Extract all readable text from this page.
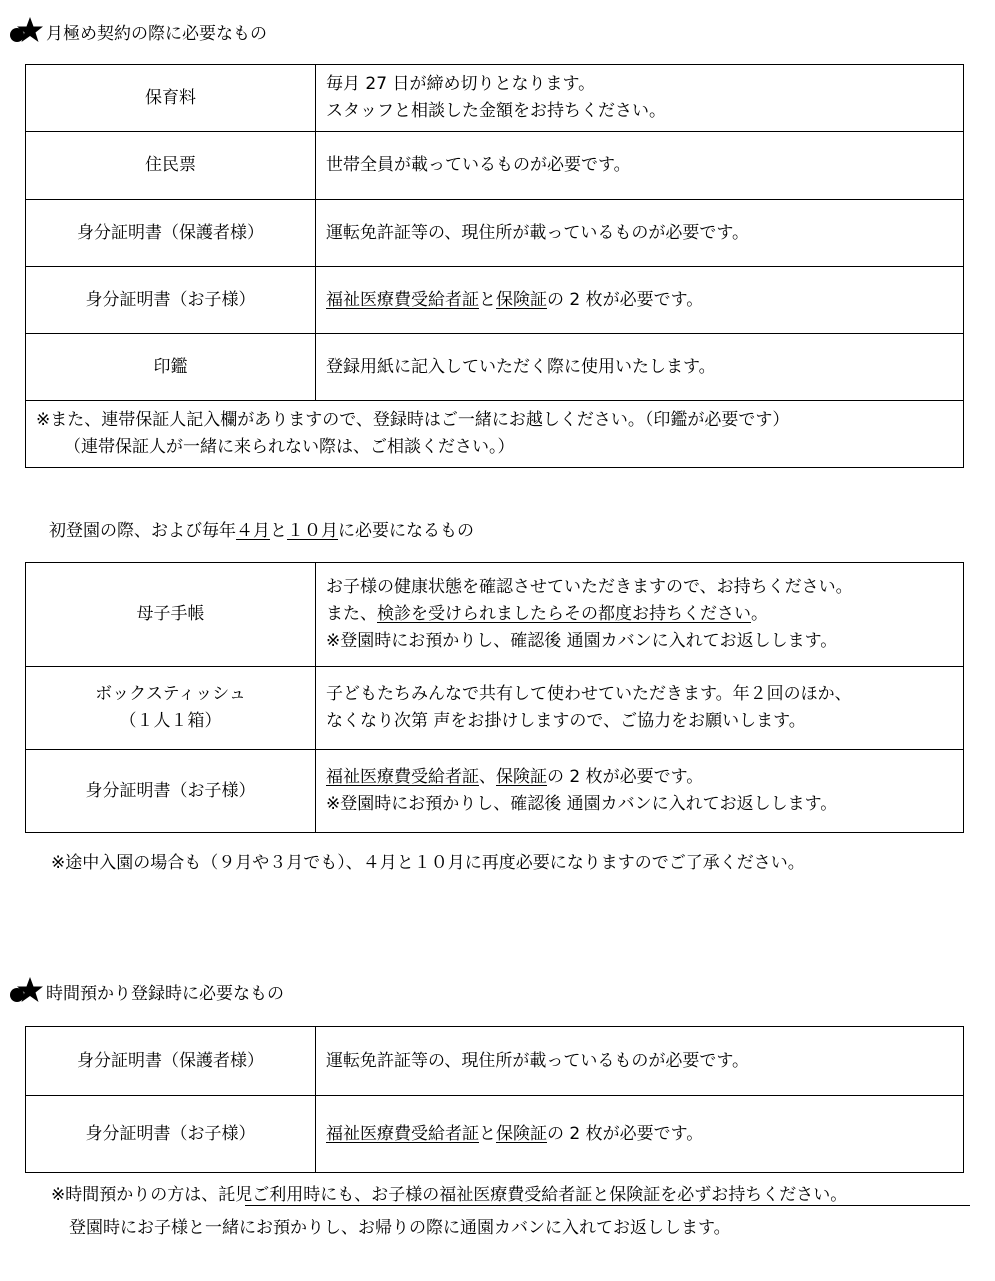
月極め契約の際に必要なもの
保育料	毎月 27 日が締め切りとなります。
スタッフと相談した金額をお持ちください。

住民票	世帯全員が載っているものが必要です。

身分証明書（保護者様）	運転免許証等の、現住所が載っているものが必要です。

身分証明書（お子様）	福祉医療費受給者証と保険証の 2 枚が必要です。

印鑑	登録用紙に記入していただく際に使用いたします。

※また、連帯保証人記入欄がありますので、登録時はご一緒にお越しください。（印鑑が必要です）
（連帯保証人が一緒に来られない際は、ご相談ください。）	
初登園の際、および毎年４月と１０月に必要になるもの
母子手帳	お子様の健康状態を確認させていただきますので、お持ちください。
また、検診を受けられましたらその都度お持ちください。
※登園時にお預かりし、確認後 通園カバンに入れてお返しします。

ボックスティッシュ
（１人１箱）	子どもたちみんなで共有して使わせていただきます。年２回のほか、
なくなり次第 声をお掛けしますので、ご協力をお願いします。

身分証明書（お子様）	福祉医療費受給者証、保険証の 2 枚が必要です。
※登園時にお預かりし、確認後 通園カバンに入れてお返しします。
※途中入園の場合も（９月や３月でも）、４月と１０月に再度必要になりますのでご了承ください。
時間預かり登録時に必要なもの
身分証明書（保護者様）	運転免許証等の、現住所が載っているものが必要です。

身分証明書（お子様）	福祉医療費受給者証と保険証の 2 枚が必要です。
※時間預かりの方は、託児ご利用時にも、お子様の福祉医療費受給者証と保険証を必ずお持ちください。
登園時にお子様と一緒にお預かりし、お帰りの際に通園カバンに入れてお返しします。
